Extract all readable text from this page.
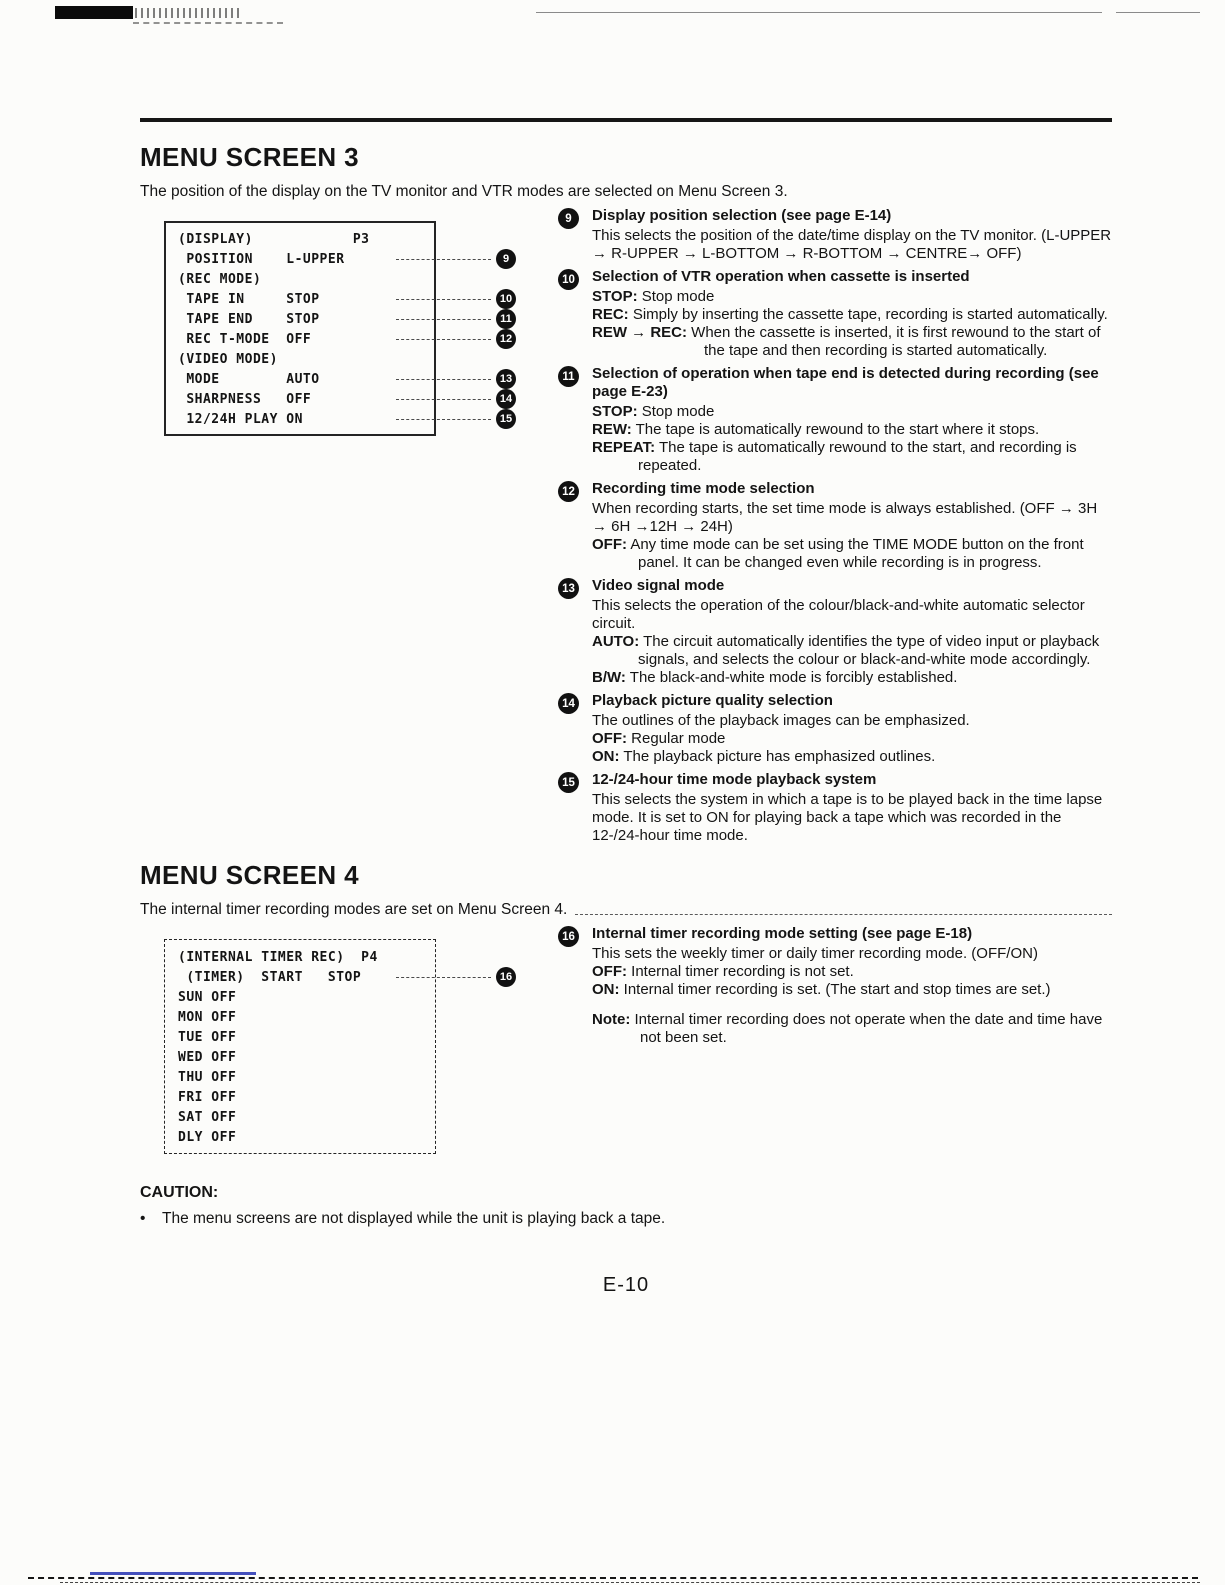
MENU SCREEN 3

The position of the display on the TV monitor and VTR modes are selected on Menu Screen 3.

(DISPLAY)            P3
POSITION    L-UPPER	9
(REC MODE)
TAPE IN     STOP	10
TAPE END    STOP	11
REC T-MODE  OFF	12
(VIDEO MODE)
MODE        AUTO	13
SHARPNESS   OFF	14
12/24H PLAY ON	15
9	Display position selection (see page E-14)
This selects the position of the date/time display on the TV monitor. (L-UPPER → R-UPPER → L-BOTTOM → R-BOTTOM → CENTRE→ OFF)
10 Selection of VTR operation when cassette is inserted
STOP: Stop mode
REC: Simply by inserting the cassette tape, recording is started automatically.
REW → REC: When the cassette is inserted, it is first rewound to the start of the tape and then recording is started automatically.
11 Selection of operation when tape end is detected during recording (see page E-23)
STOP: Stop mode
REW: The tape is automatically rewound to the start where it stops.
REPEAT: The tape is automatically rewound to the start, and recording is repeated.
12 Recording time mode selection
When recording starts, the set time mode is always established. (OFF → 3H → 6H →12H → 24H)
OFF: Any time mode can be set using the TIME MODE button on the front panel. It can be changed even while recording is in progress.
13 Video signal mode
This selects the operation of the colour/black-and-white automatic selector circuit.
AUTO: The circuit automatically identifies the type of video input or playback signals, and selects the colour or black-and-white mode accordingly.
B/W: The black-and-white mode is forcibly established.
14 Playback picture quality selection
The outlines of the playback images can be emphasized.
OFF: Regular mode
ON: The playback picture has emphasized outlines.
15 12-/24-hour time mode playback system
This selects the system in which a tape is to be played back in the time lapse mode. It is set to ON for playing back a tape which was recorded in the 12-/24-hour time mode.
MENU SCREEN 4

The internal timer recording modes are set on Menu Screen 4.

(INTERNAL TIMER REC)  P4
(TIMER)  START   STOP	16
SUN OFF
MON OFF
TUE OFF
WED OFF
THU OFF
FRI OFF
SAT OFF
DLY OFF
16 Internal timer recording mode setting (see page E-18)
This sets the weekly timer or daily timer recording mode. (OFF/ON)
OFF: Internal timer recording is not set.
ON: Internal timer recording is set. (The start and stop times are set.)
Note: Internal timer recording does not operate when the date and time have not been set.
CAUTION:
•	The menu screens are not displayed while the unit is playing back a tape.
E-10
